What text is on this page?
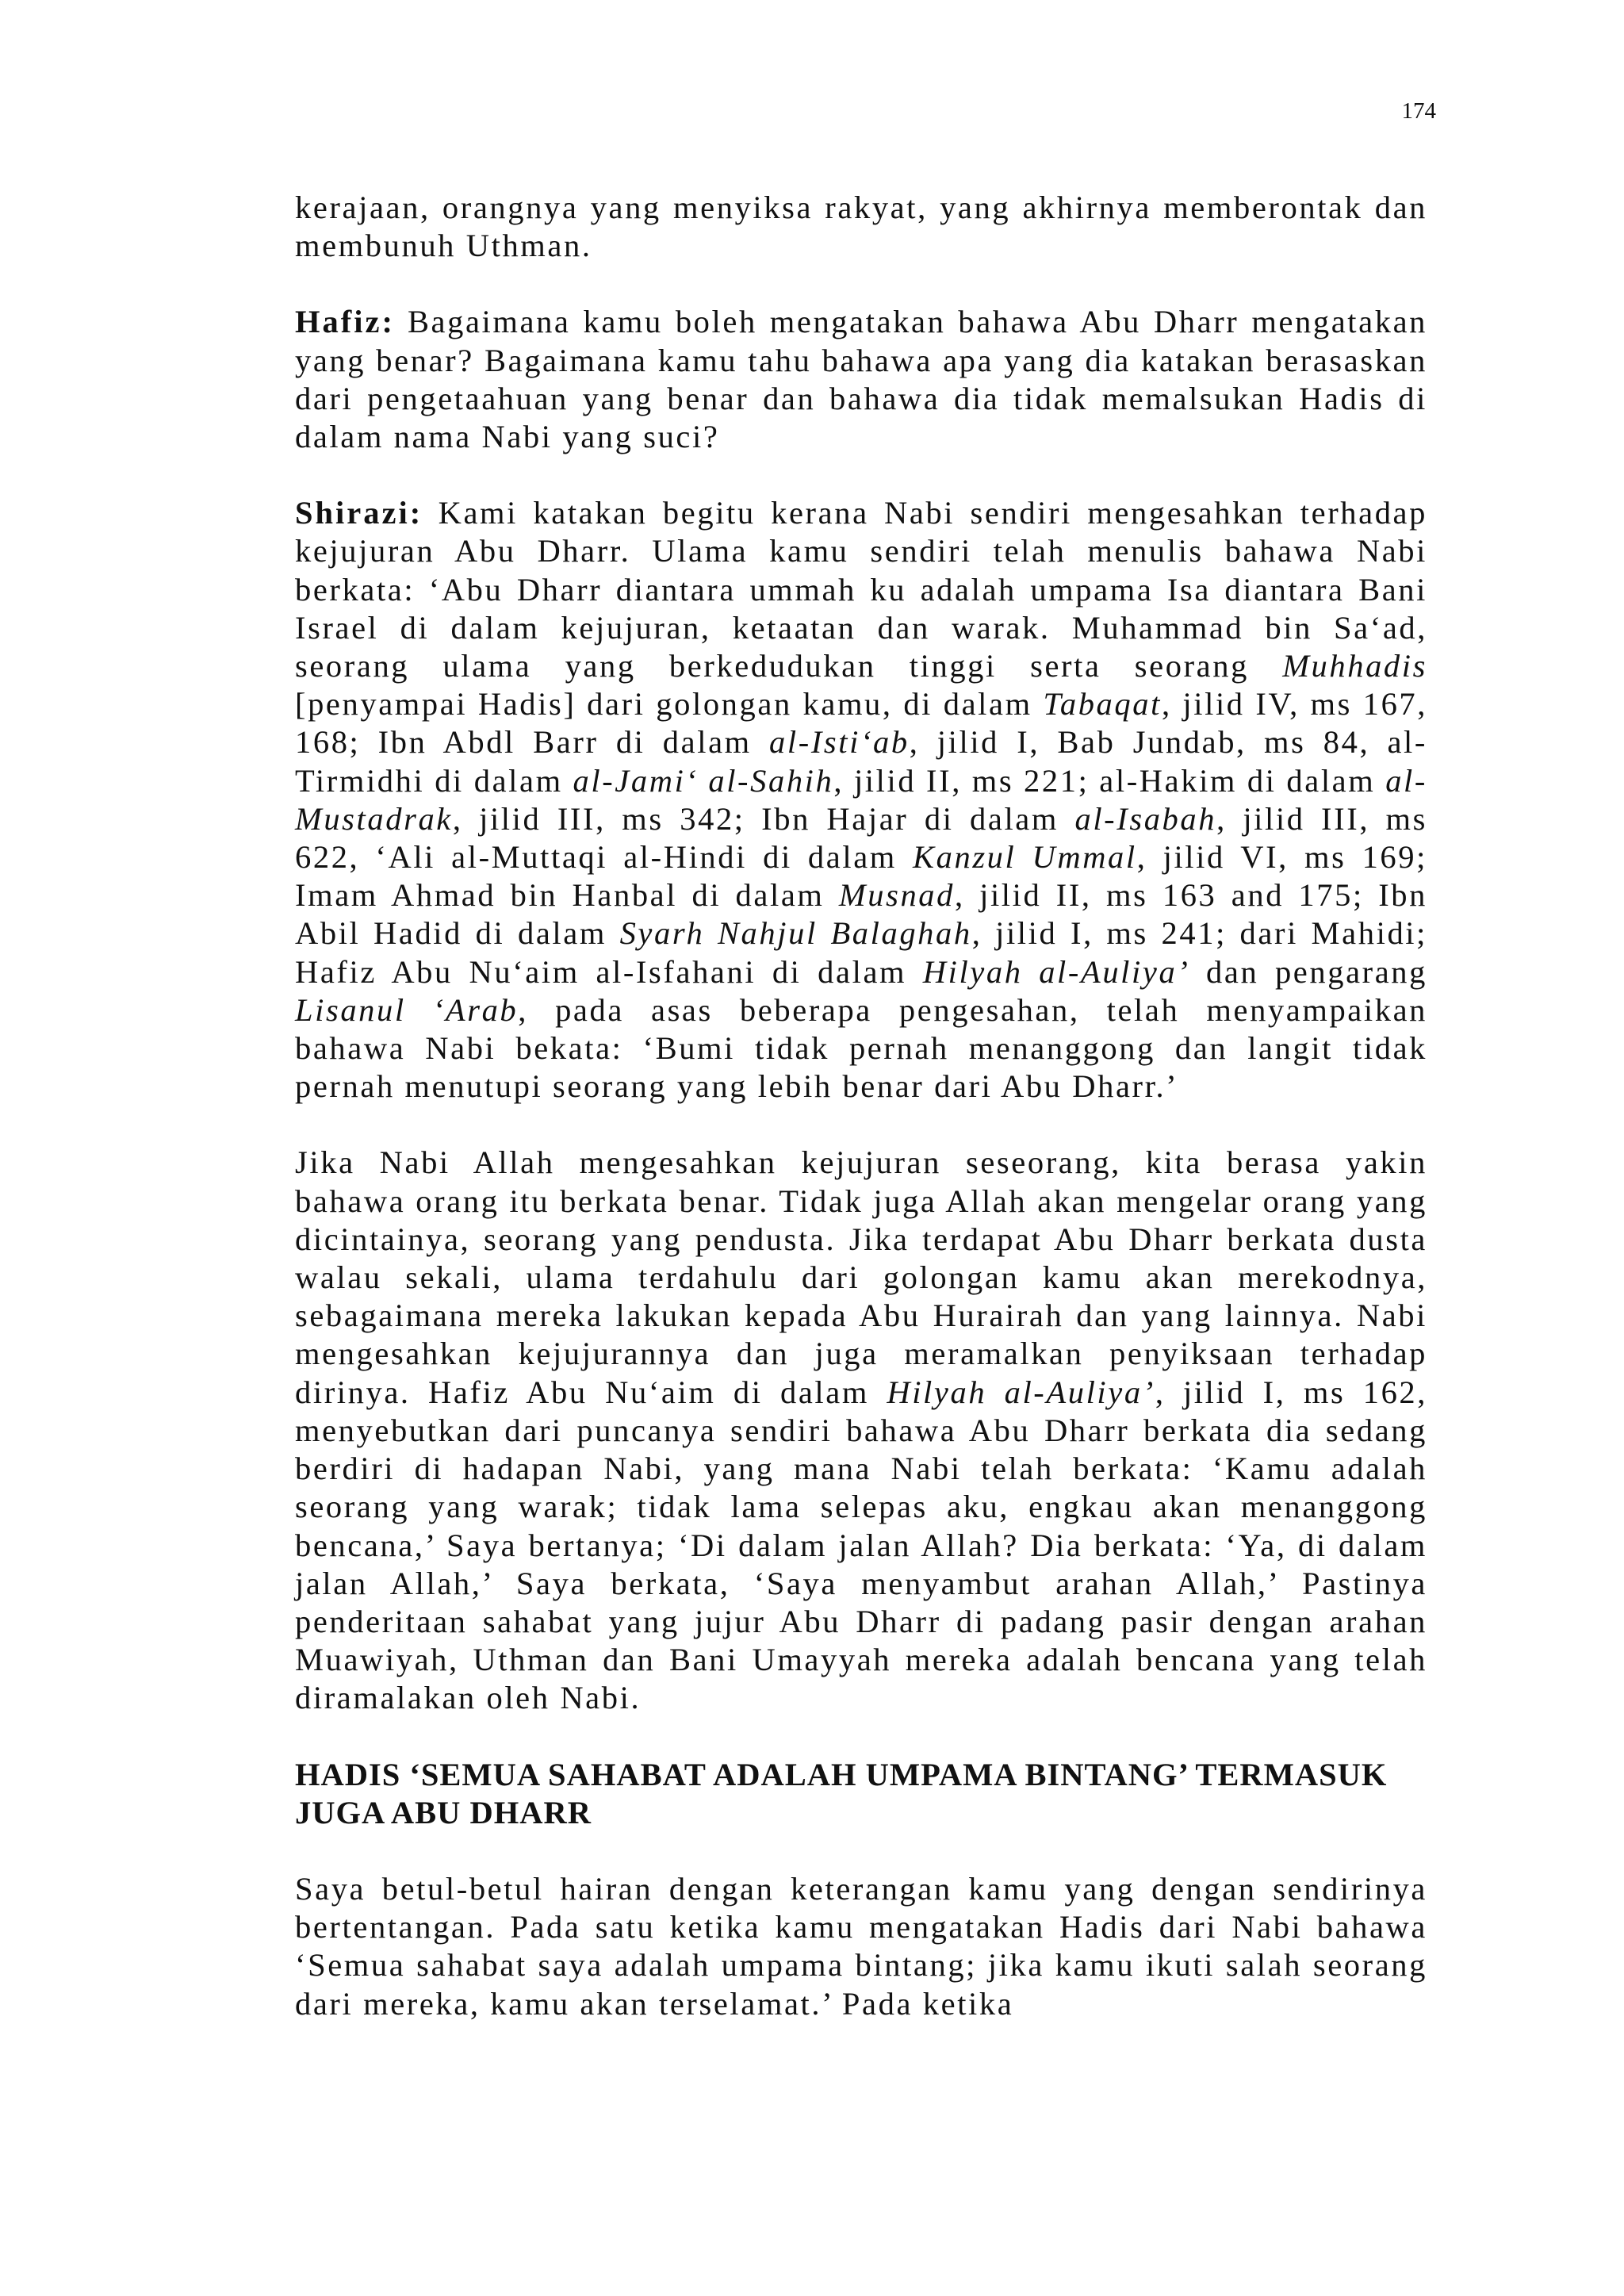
174

kerajaan, orangnya yang menyiksa rakyat, yang akhirnya memberontak dan membunuh Uthman.

Hafiz: Bagaimana kamu boleh mengatakan bahawa Abu Dharr mengatakan yang benar? Bagaimana kamu tahu bahawa apa yang dia katakan berasaskan dari pengetaahuan yang benar dan bahawa dia tidak memalsukan Hadis di dalam nama Nabi yang suci?

Shirazi: Kami katakan begitu kerana Nabi sendiri mengesahkan terhadap kejujuran Abu Dharr. Ulama kamu sendiri telah menulis bahawa Nabi berkata: ‘Abu Dharr diantara ummah ku adalah umpama Isa diantara Bani Israel di dalam kejujuran, ketaatan dan warak. Muhammad bin Sa‘ad, seorang ulama yang berkedudukan tinggi serta seorang Muhhadis [penyampai Hadis] dari golongan kamu, di dalam Tabaqat, jilid IV, ms 167, 168; Ibn Abdl Barr di dalam al-Isti‘ab, jilid I, Bab Jundab, ms 84, al-Tirmidhi di dalam al-Jami‘ al-Sahih, jilid II, ms 221; al-Hakim di dalam al-Mustadrak, jilid III, ms 342; Ibn Hajar di dalam al-Isabah, jilid III, ms 622, ‘Ali al-Muttaqi al-Hindi di dalam Kanzul Ummal, jilid VI, ms 169; Imam Ahmad bin Hanbal di dalam Musnad, jilid II, ms 163 and 175; Ibn Abil Hadid di dalam Syarh Nahjul Balaghah, jilid I, ms 241; dari Mahidi; Hafiz Abu Nu‘aim al-Isfahani di dalam Hilyah al-Auliya’ dan pengarang Lisanul ‘Arab, pada asas beberapa pengesahan, telah menyampaikan bahawa Nabi bekata: ‘Bumi tidak pernah menanggong dan langit tidak pernah menutupi seorang yang lebih benar dari Abu Dharr.’

Jika Nabi Allah mengesahkan kejujuran seseorang, kita berasa yakin bahawa orang itu berkata benar. Tidak juga Allah akan mengelar orang yang dicintainya, seorang yang pendusta. Jika terdapat Abu Dharr berkata dusta walau sekali, ulama terdahulu dari golongan kamu akan merekodnya, sebagaimana mereka lakukan kepada Abu Hurairah dan yang lainnya. Nabi mengesahkan kejujurannya dan juga meramalkan penyiksaan terhadap dirinya. Hafiz Abu Nu‘aim di dalam Hilyah al-Auliya’, jilid I, ms 162, menyebutkan dari puncanya sendiri bahawa Abu Dharr berkata dia sedang berdiri di hadapan Nabi, yang mana Nabi telah berkata: ‘Kamu adalah seorang yang warak; tidak lama selepas aku, engkau akan menanggong bencana,’ Saya bertanya; ‘Di dalam jalan Allah? Dia berkata: ‘Ya, di dalam jalan Allah,’ Saya berkata, ‘Saya menyambut arahan Allah,’ Pastinya penderitaan sahabat yang jujur Abu Dharr di padang pasir dengan arahan Muawiyah, Uthman dan Bani Umayyah mereka adalah bencana yang telah diramalakan oleh Nabi.

HADIS ‘SEMUA SAHABAT ADALAH UMPAMA BINTANG’ TERMASUK JUGA ABU DHARR

Saya betul-betul hairan dengan keterangan kamu yang dengan sendirinya bertentangan. Pada satu ketika kamu mengatakan Hadis dari Nabi bahawa ‘Semua sahabat saya adalah umpama bintang; jika kamu ikuti salah seorang dari mereka, kamu akan terselamat.’ Pada ketika
